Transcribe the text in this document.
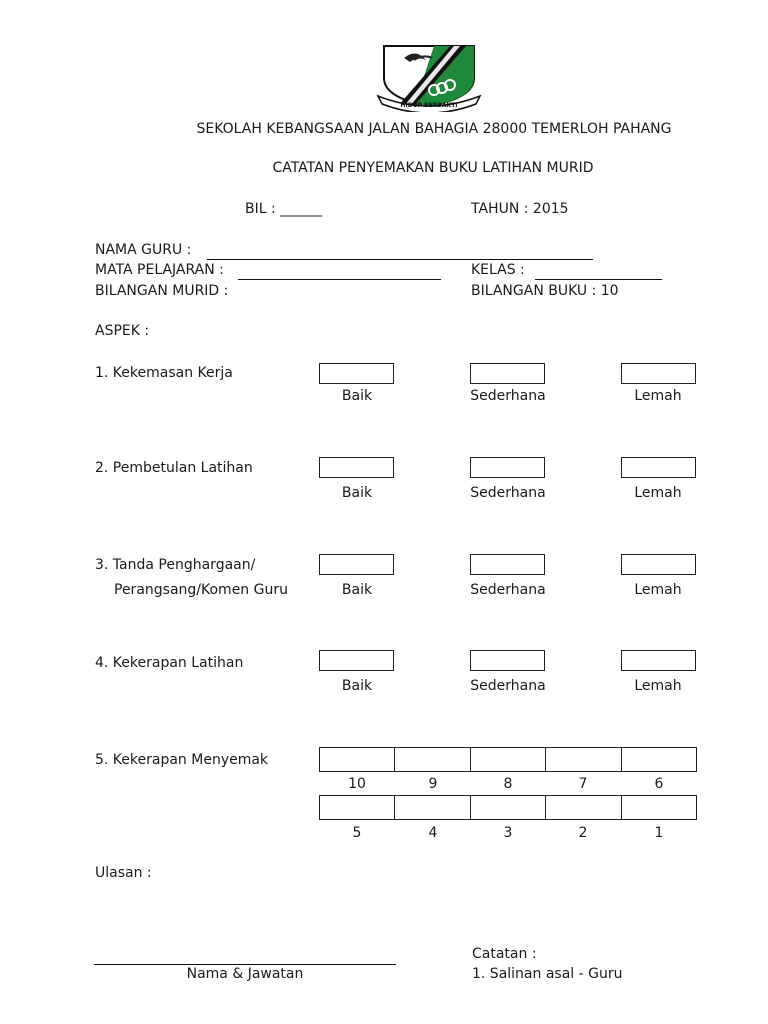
HIDUP BERBAKTI
SEKOLAH KEBANGSAAN JALAN BAHAGIA 28000 TEMERLOH PAHANG
CATATAN PENYEMAKAN BUKU LATIHAN MURID
BIL : ______	TAHUN : 2015
NAMA GURU :
MATA PELAJARAN :	KELAS :
BILANGAN MURID :	BILANGAN BUKU : 10
ASPEK :
1. Kekemasan Kerja
Baik	Sederhana	Lemah
2. Pembetulan Latihan
Baik	Sederhana	Lemah
3. Tanda Penghargaan/
Perangsang/Komen Guru	Baik	Sederhana	Lemah
4. Kekerapan Latihan
Baik	Sederhana	Lemah
5. Kekerapan Menyemak
10	9	8	7	6
5	4	3	2	1
Ulasan :
Nama & Jawatan
Catatan :
1. Salinan asal - Guru
